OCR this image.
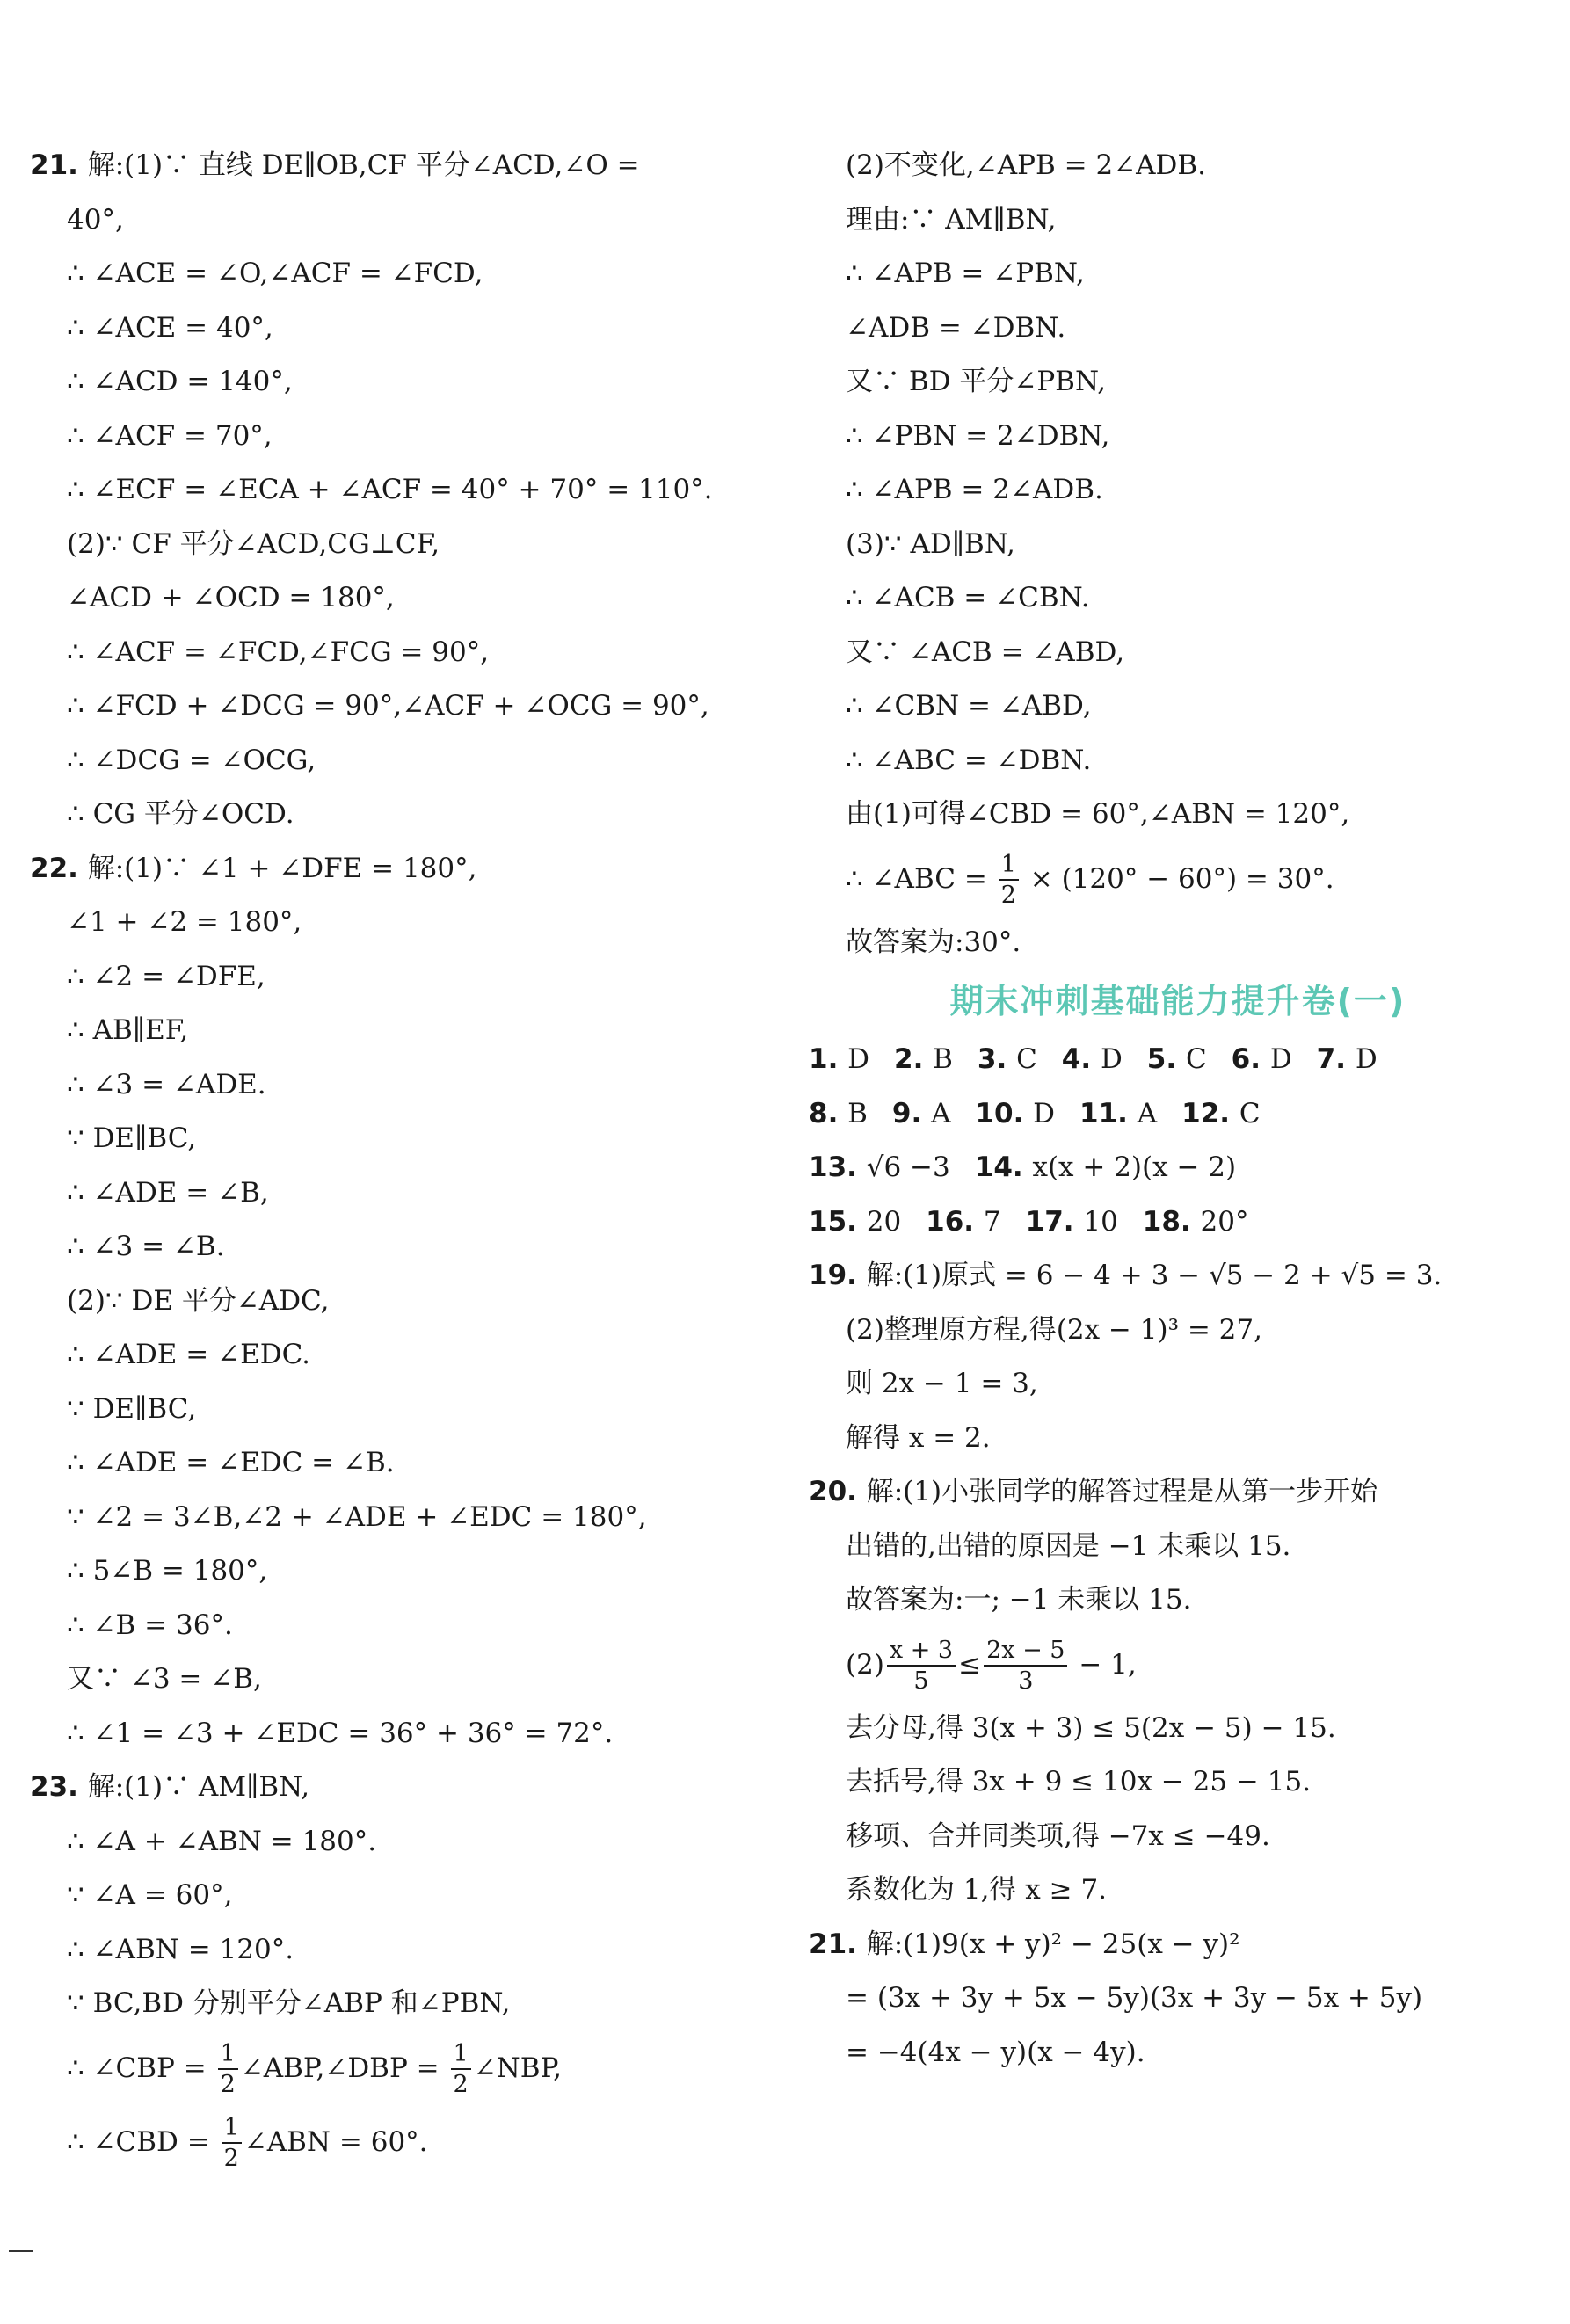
21. 解:(1)∵ 直线 DE∥OB,CF 平分∠ACD,∠O =
40°,
∴ ∠ACE = ∠O,∠ACF = ∠FCD,
∴ ∠ACE = 40°,
∴ ∠ACD = 140°,
∴ ∠ACF = 70°,
∴ ∠ECF = ∠ECA + ∠ACF = 40° + 70° = 110°.
(2)∵ CF 平分∠ACD,CG⊥CF,
∠ACD + ∠OCD = 180°,
∴ ∠ACF = ∠FCD,∠FCG = 90°,
∴ ∠FCD + ∠DCG = 90°,∠ACF + ∠OCG = 90°,
∴ ∠DCG = ∠OCG,
∴ CG 平分∠OCD.
22. 解:(1)∵ ∠1 + ∠DFE = 180°,
∠1 + ∠2 = 180°,
∴ ∠2 = ∠DFE,
∴ AB∥EF,
∴ ∠3 = ∠ADE.
∵ DE∥BC,
∴ ∠ADE = ∠B,
∴ ∠3 = ∠B.
(2)∵ DE 平分∠ADC,
∴ ∠ADE = ∠EDC.
∵ DE∥BC,
∴ ∠ADE = ∠EDC = ∠B.
∵ ∠2 = 3∠B,∠2 + ∠ADE + ∠EDC = 180°,
∴ 5∠B = 180°,
∴ ∠B = 36°.
又∵ ∠3 = ∠B,
∴ ∠1 = ∠3 + ∠EDC = 36° + 36° = 72°.
23. 解:(1)∵ AM∥BN,
∴ ∠A + ∠ABN = 180°.
∵ ∠A = 60°,
∴ ∠ABN = 120°.
∵ BC,BD 分别平分∠ABP 和∠PBN,
∴ ∠CBP = $\frac{1}{2}$ ∠ABP,∠DBP = $\frac{1}{2}$ ∠NBP,
∴ ∠CBD = $\frac{1}{2}$ ∠ABN = 60°.
(2)不变化,∠APB = 2∠ADB.
理由:∵ AM∥BN,
∴ ∠APB = ∠PBN,
∠ADB = ∠DBN.
又∵ BD 平分∠PBN,
∴ ∠PBN = 2∠DBN,
∴ ∠APB = 2∠ADB.
(3)∵ AD∥BN,
∴ ∠ACB = ∠CBN.
又∵ ∠ACB = ∠ABD,
∴ ∠CBN = ∠ABD,
∴ ∠ABC = ∠DBN.
由(1)可得∠CBD = 60°,∠ABN = 120°,
∴ ∠ABC = $\frac{1}{2} \times (120^\circ - 60^\circ) = 30^\circ$.
故答案为:30°.
期末冲刺基础能力提升卷(一)
1. D 2. B 3. C 4. D 5. C 6. D 7. D
8. B 9. A 10. D 11. A 12. C
13. √6 −3 14. x(x + 2)(x − 2)
15. 20 16. 7 17. 10 18. 20°
19. 解:(1)原式 = 6 − 4 + 3 − √5 − 2 + √5 = 3.
(2)整理原方程,得(2x − 1)³ = 27,
则 2x − 1 = 3,
解得 x = 2.
20. 解:(1)小张同学的解答过程是从第一步开始
出错的,出错的原因是 −1 未乘以 15.
故答案为:一; −1 未乘以 15.
$(2) \frac{x + 3}{5} \le \frac{2x - 5}{3} - 1$,
去分母,得 3(x + 3) ≤ 5(2x − 5) − 15.
去括号,得 3x + 9 ≤ 10x − 25 − 15.
移项、合并同类项,得 −7x ≤ −49.
系数化为 1,得 x ≥ 7.
21. 解:(1)9(x + y)² − 25(x − y)²
= (3x + 3y + 5x − 5y)(3x + 3y − 5x + 5y)
= −4(4x − y)(x − 4y).
